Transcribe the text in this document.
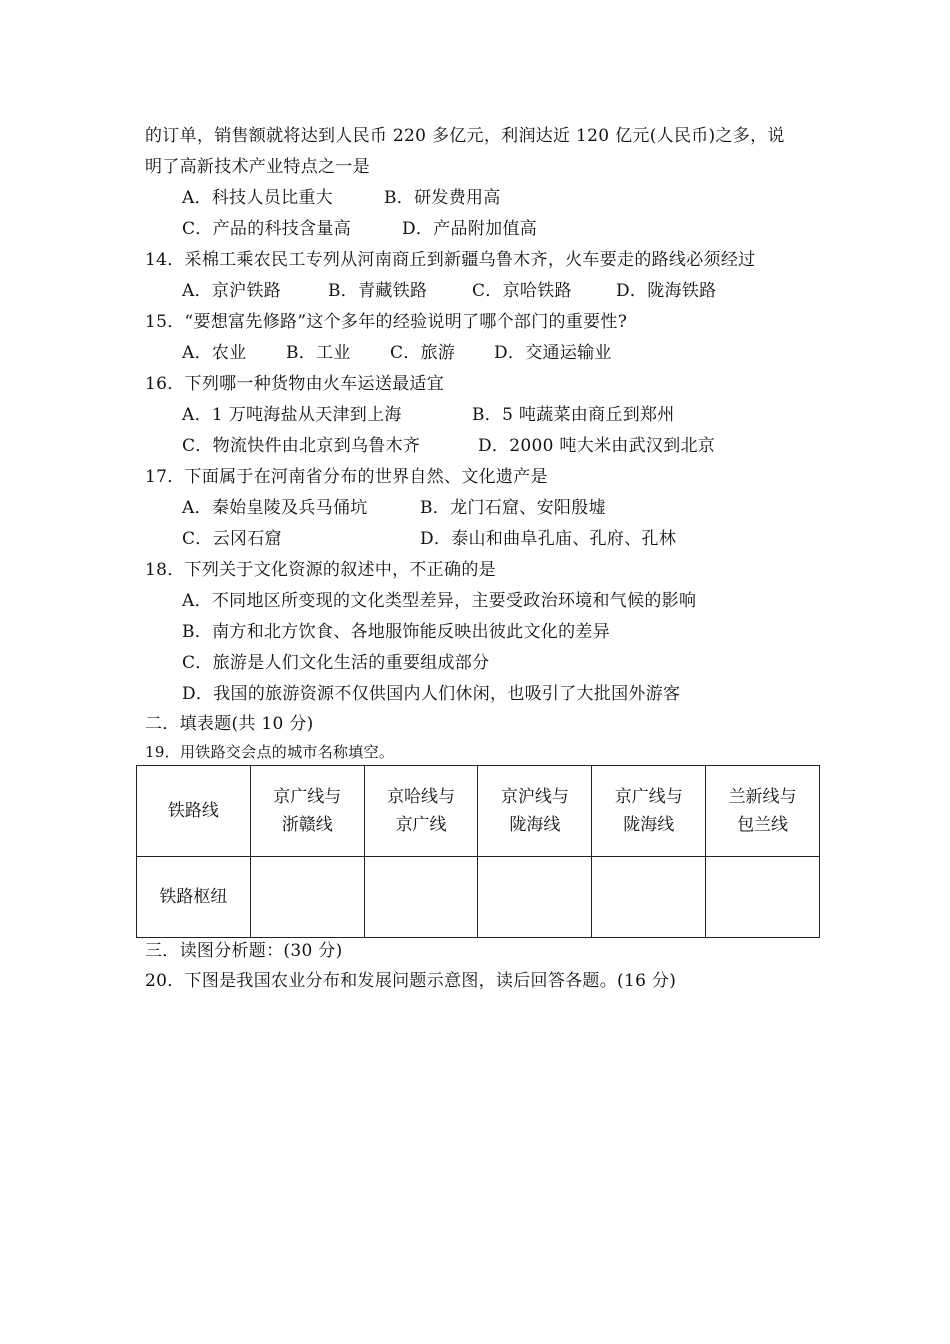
的订单，销售额就将达到人民币 220 多亿元，利润达近 120 亿元(人民币)之多，说
明了高新技术产业特点之一是
A．科技人员比重大	B．研发费用高
C．产品的科技含量高	D．产品附加值高
14．采棉工乘农民工专列从河南商丘到新疆乌鲁木齐，火车要走的路线必须经过
A．京沪铁路	B．青藏铁路	C．京哈铁路	D．陇海铁路
15．“要想富先修路”这个多年的经验说明了哪个部门的重要性?
A．农业 B．工业 C．旅游 D．交通运输业
16．下列哪一种货物由火车运送最适宜
A．1 万吨海盐从天津到上海	B．5 吨蔬菜由商丘到郑州
C．物流快件由北京到乌鲁木齐	D．2000 吨大米由武汉到北京
17．下面属于在河南省分布的世界自然、文化遗产是
A．秦始皇陵及兵马俑坑	B．龙门石窟、安阳殷墟
C．云冈石窟	D．泰山和曲阜孔庙、孔府、孔林
18．下列关于文化资源的叙述中，不正确的是
A．不同地区所变现的文化类型差异，主要受政治环境和气候的影响
B．南方和北方饮食、各地服饰能反映出彼此文化的差异
C．旅游是人们文化生活的重要组成部分
D．我国的旅游资源不仅供国内人们休闲，也吸引了大批国外游客
二．填表题(共 10 分)
19．用铁路交会点的城市名称填空。
铁路线	京广线与浙赣线	京哈线与京广线	京沪线与陇海线	京广线与陇海线	兰新线与包兰线
铁路枢纽					
三．读图分析题：(30 分)
20．下图是我国农业分布和发展问题示意图，读后回答各题。(16 分)
